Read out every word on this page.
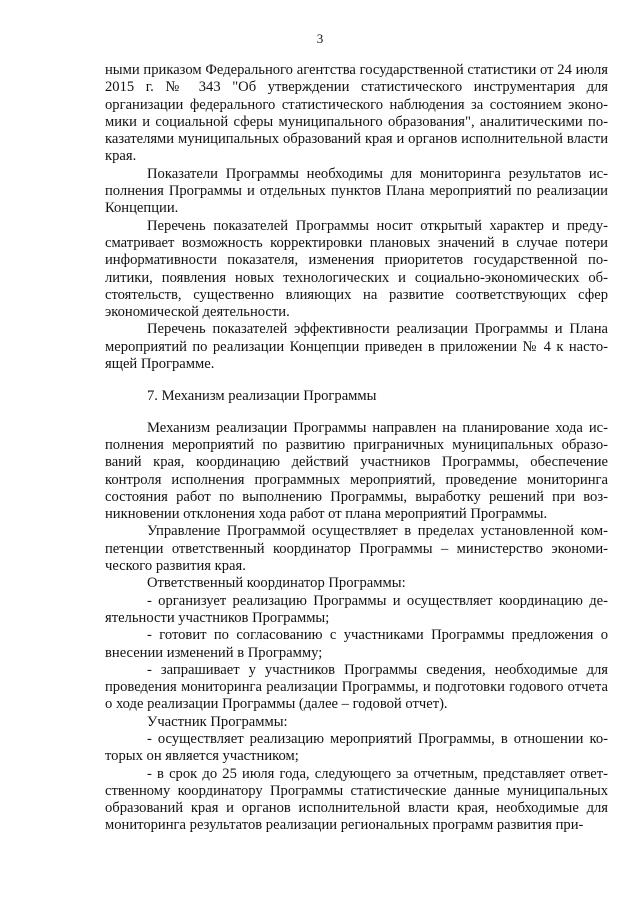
3

ными приказом Федерального агентства государственной статистики от 24 июля 2015 г. № 343 "Об утверждении статистического инструментария для организации федерального статистического наблюдения за состоянием экономики и социальной сферы муниципального образования", аналитическими показателями муниципальных образований края и органов исполнительной власти края.

Показатели Программы необходимы для мониторинга результатов исполнения Программы и отдельных пунктов Плана мероприятий по реализации Концепции.

Перечень показателей Программы носит открытый характер и предусматривает возможность корректировки плановых значений в случае потери информативности показателя, изменения приоритетов государственной политики, появления новых технологических и социально-экономических обстоятельств, существенно влияющих на развитие соответствующих сфер экономической деятельности.

Перечень показателей эффективности реализации Программы и Плана мероприятий по реализации Концепции приведен в приложении № 4 к настоящей Программе.

7. Механизм реализации Программы

Механизм реализации Программы направлен на планирование хода исполнения мероприятий по развитию приграничных муниципальных образований края, координацию действий участников Программы, обеспечение контроля исполнения программных мероприятий, проведение мониторинга состояния работ по выполнению Программы, выработку решений при возникновении отклонения хода работ от плана мероприятий Программы.

Управление Программой осуществляет в пределах установленной компетенции ответственный координатор Программы – министерство экономического развития края.

Ответственный координатор Программы:

- организует реализацию Программы и осуществляет координацию деятельности участников Программы;

- готовит по согласованию с участниками Программы предложения о внесении изменений в Программу;

- запрашивает у участников Программы сведения, необходимые для проведения мониторинга реализации Программы, и подготовки годового отчета о ходе реализации Программы (далее – годовой отчет).

Участник Программы:

- осуществляет реализацию мероприятий Программы, в отношении которых он является участником;

- в срок до 25 июля года, следующего за отчетным, представляет ответственному координатору Программы статистические данные муниципальных образований края и органов исполнительной власти края, необходимые для мониторинга результатов реализации региональных программ развития при-
